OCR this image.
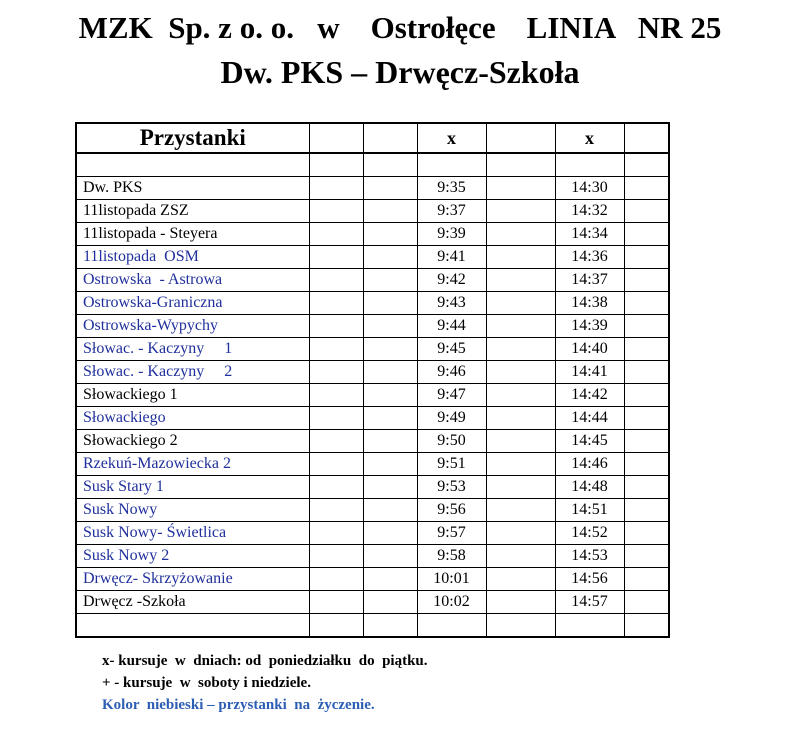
MZK  Sp. z o. o.   w    Ostrołęce    LINIA   NR 25
Dw. PKS – Drwęcz-Szkoła
Przystanki			x		x	

Dw. PKS			9:35		14:30	
11listopada ZSZ			9:37		14:32	
11listopada - Steyera			9:39		14:34	
11listopada  OSM			9:41		14:36	
Ostrowska  - Astrowa			9:42		14:37	
Ostrowska-Graniczna			9:43		14:38	
Ostrowska-Wypychy			9:44		14:39	
Słowac. - Kaczyny     1			9:45		14:40	
Słowac. - Kaczyny     2			9:46		14:41	
Słowackiego 1			9:47		14:42	
Słowackiego			9:49		14:44	
Słowackiego 2			9:50		14:45	
Rzekuń-Mazowiecka 2			9:51		14:46	
Susk Stary 1			9:53		14:48	
Susk Nowy			9:56		14:51	
Susk Nowy- Świetlica			9:57		14:52	
Susk Nowy 2			9:58		14:53	
Drwęcz- Skrzyżowanie			10:01		14:56	
Drwęcz -Szkoła			10:02		14:57	

x- kursuje  w  dniach: od  poniedziałku  do  piątku.
+ - kursuje  w  soboty i niedziele.
Kolor  niebieski – przystanki  na  życzenie.
